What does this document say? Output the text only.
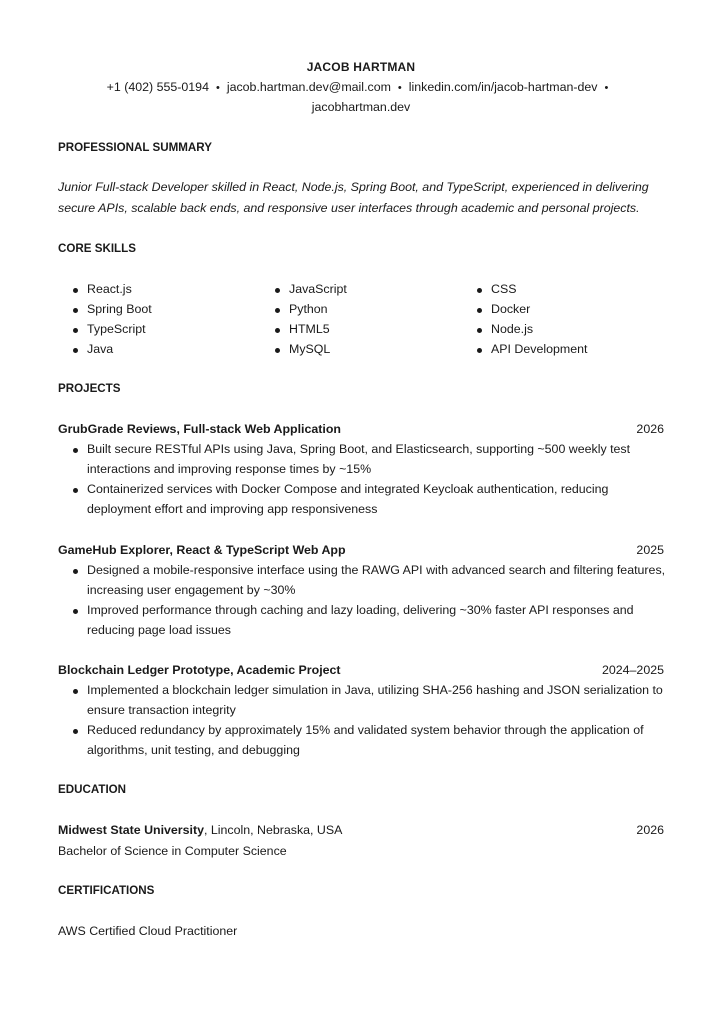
JACOB HARTMAN
+1 (402) 555-0194 • jacob.hartman.dev@mail.com • linkedin.com/in/jacob-hartman-dev •
jacobhartman.dev
PROFESSIONAL SUMMARY
Junior Full-stack Developer skilled in React, Node.js, Spring Boot, and TypeScript, experienced in delivering secure APIs, scalable back ends, and responsive user interfaces through academic and personal projects.
CORE SKILLS
React.js
Spring Boot
TypeScript
Java
JavaScript
Python
HTML5
MySQL
CSS
Docker
Node.js
API Development
PROJECTS
GrubGrade Reviews, Full-stack Web Application	2026
Built secure RESTful APIs using Java, Spring Boot, and Elasticsearch, supporting ~500 weekly test
interactions and improving response times by ~15%
Containerized services with Docker Compose and integrated Keycloak authentication, reducing
deployment effort and improving app responsiveness
GameHub Explorer, React & TypeScript Web App	2025
Designed a mobile-responsive interface using the RAWG API with advanced search and filtering features,
increasing user engagement by ~30%
Improved performance through caching and lazy loading, delivering ~30% faster API responses and
reducing page load issues
Blockchain Ledger Prototype, Academic Project	2024–2025
Implemented a blockchain ledger simulation in Java, utilizing SHA-256 hashing and JSON serialization to
ensure transaction integrity
Reduced redundancy by approximately 15% and validated system behavior through the application of
algorithms, unit testing, and debugging
EDUCATION
Midwest State University, Lincoln, Nebraska, USA	2026
Bachelor of Science in Computer Science
CERTIFICATIONS
AWS Certified Cloud Practitioner
